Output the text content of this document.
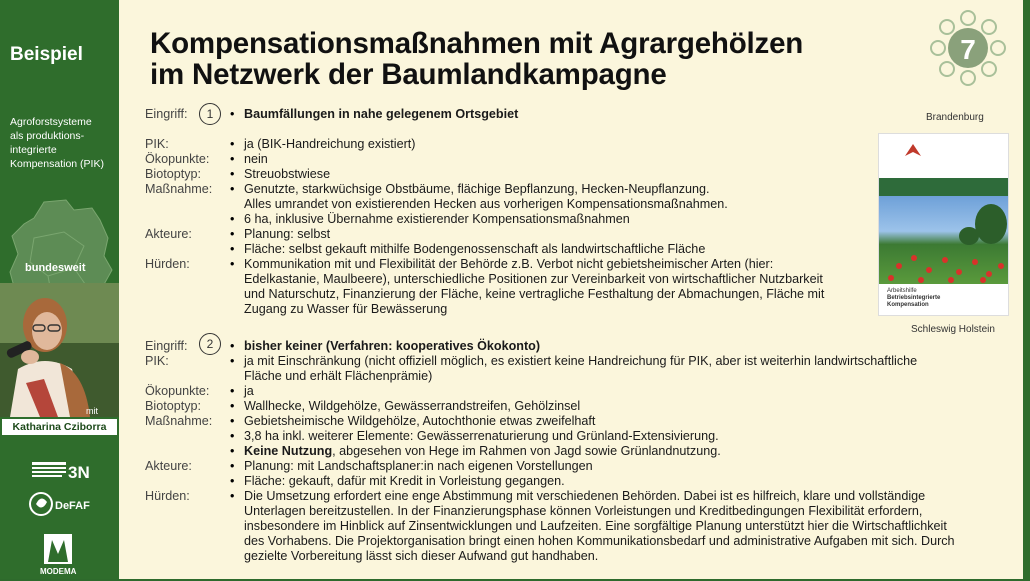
Beispiel
Agroforstsysteme
als produktions-
integrierte
Kompensation (PIK)
bundesweit
mit
Katharina Cziborra
3N
DeFAF
MODEMA
Kompensationsmaßnahmen mit Agrargehölzen
im Netzwerk der Baumlandkampagne
7
Brandenburg
Schleswig Holstein
Arbeitshilfe
Betriebsintegrierte
Kompensation
Eingriff:	1	• Baumfällungen in nahe gelegenem Ortsgebiet
PIK:	• ja (BIK-Handreichung existiert)
Ökopunkte: • nein
Biotoptyp: • Streuobstwiese
Maßnahme: • Genutzte, starkwüchsige Obstbäume, flächige Bepflanzung, Hecken-Neupflanzung.
Alles umrandet von existierenden Hecken aus vorherigen Kompensationsmaßnahmen.
• 6 ha, inklusive Übernahme existierender Kompensationsmaßnahmen
Akteure:	• Planung: selbst
• Fläche: selbst gekauft mithilfe Bodengenossenschaft als landwirtschaftliche Fläche
Hürden:	• Kommunikation mit und Flexibilität der Behörde z.B. Verbot nicht gebietsheimischer Arten (hier:
Edelkastanie, Maulbeere), unterschiedliche Positionen zur Vereinbarkeit von wirtschaftlicher Nutzbarkeit
und Naturschutz, Finanzierung der Fläche, keine vertragliche Festhaltung der Abmachungen, Fläche mit
Zugang zu Wasser für Bewässerung
Eingriff:	2	• bisher keiner (Verfahren: kooperatives Ökokonto)
PIK:	• ja mit Einschränkung (nicht offiziell möglich, es existiert keine Handreichung für PIK, aber ist weiterhin landwirtschaftliche
Fläche und erhält Flächenprämie)
Ökopunkte: • ja
Biotoptyp: • Wallhecke, Wildgehölze, Gewässerrandstreifen, Gehölzinsel
Maßnahme: • Gebietsheimische Wildgehölze, Autochthonie etwas zweifelhaft
• 3,8 ha inkl. weiterer Elemente: Gewässerrenaturierung und Grünland-Extensivierung.
• Keine Nutzung, abgesehen von Hege im Rahmen von Jagd sowie Grünlandnutzung.
Akteure:	• Planung: mit Landschaftsplaner:in nach eigenen Vorstellungen
• Fläche: gekauft, dafür mit Kredit in Vorleistung gegangen.
Hürden:	• Die Umsetzung erfordert eine enge Abstimmung mit verschiedenen Behörden. Dabei ist es hilfreich, klare und vollständige
Unterlagen bereitzustellen. In der Finanzierungsphase können Vorleistungen und Kreditbedingungen Flexibilität erfordern,
insbesondere im Hinblick auf Zinsentwicklungen und Laufzeiten. Eine sorgfältige Planung unterstützt hier die Wirtschaftlichkeit
des Vorhabens. Die Projektorganisation bringt einen hohen Kommunikationsbedarf und administrative Aufgaben mit sich. Durch
gezielte Vorbereitung lässt sich dieser Aufwand gut handhaben.
